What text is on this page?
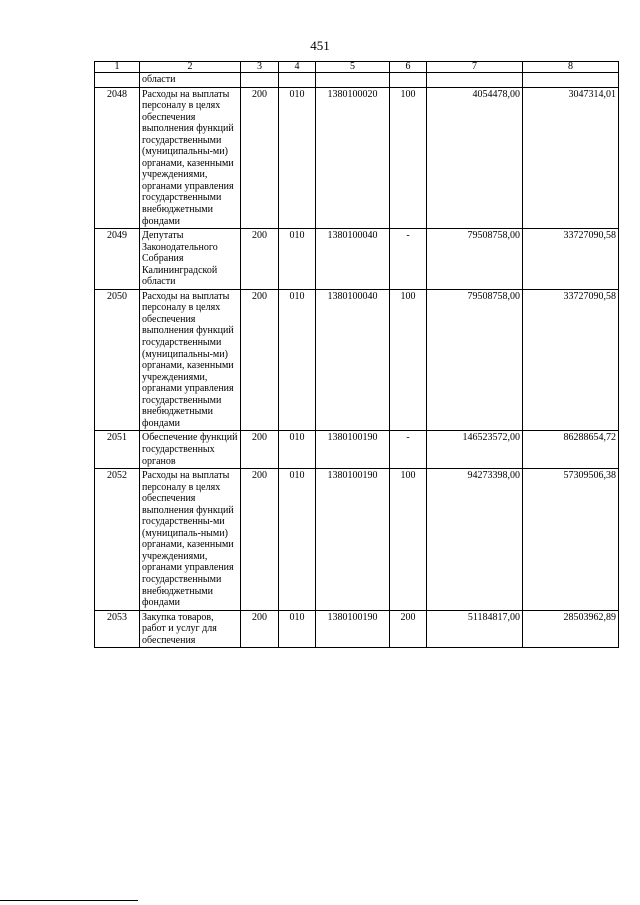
451
1	2	3	4	5	6	7	8
	области						
2048	Расходы на выплаты персоналу в целях обеспечения выполнения функций государственными (муниципальны-ми) органами, казенными учреждениями, органами управления государственными внебюджетными фондами	200	010	1380100020	100	4054478,00	3047314,01
2049	Депутаты Законодательного Собрания Калининградской области	200	010	1380100040	-	79508758,00	33727090,58
2050	Расходы на выплаты персоналу в целях обеспечения выполнения функций государственными (муниципальны-ми) органами, казенными учреждениями, органами управления государственными внебюджетными фондами	200	010	1380100040	100	79508758,00	33727090,58
2051	Обеспечение функций государственных органов	200	010	1380100190	-	146523572,00	86288654,72
2052	Расходы на выплаты персоналу в целях обеспечения выполнения функций государственны-ми (муниципаль-ными) органами, казенными учреждениями, органами управления государственными внебюджетными фондами	200	010	1380100190	100	94273398,00	57309506,38
2053	Закупка товаров, работ и услуг для обеспечения	200	010	1380100190	200	51184817,00	28503962,89
